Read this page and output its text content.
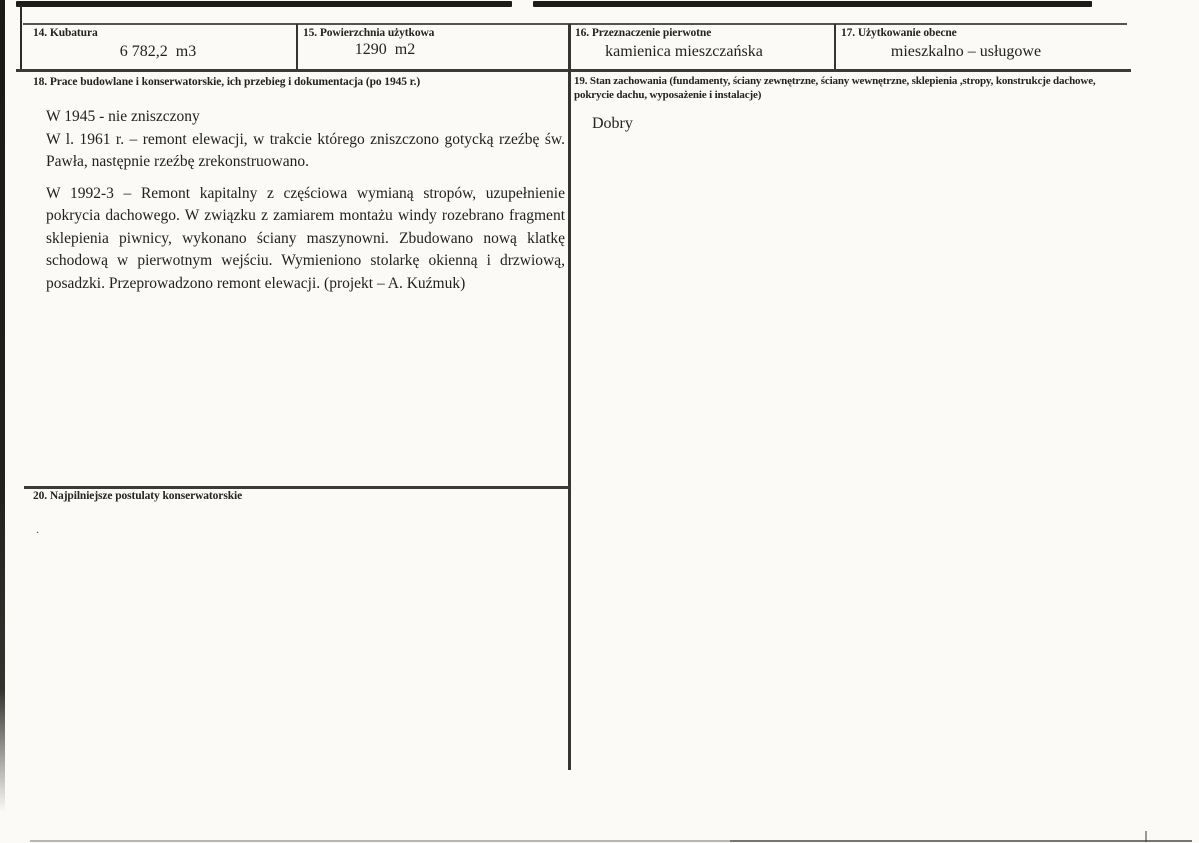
14. Kubatura
6 782,2  m3
15. Powierzchnia użytkowa
1290  m2
16. Przeznaczenie pierwotne
kamienica mieszczańska
17. Użytkowanie obecne
mieszkalno – usługowe
18. Prace budowlane i konserwatorskie, ich przebieg i dokumentacja (po 1945 r.)
W 1945 - nie zniszczony
W l. 1961 r. – remont elewacji, w trakcie którego zniszczono gotycką rzeźbę św. Pawła, następnie rzeźbę zrekonstruowano.
W 1992-3 – Remont kapitalny z częściowa wymianą stropów, uzupełnienie pokrycia dachowego. W związku z zamiarem montażu windy rozebrano fragment sklepienia piwnicy, wykonano ściany maszynowni. Zbudowano nową klatkę schodową w pierwotnym wejściu. Wymieniono stolarkę okienną i drzwiową, posadzki. Przeprowadzono remont elewacji. (projekt – A. Kuźmuk)
19. Stan zachowania (fundamenty, ściany zewnętrzne, ściany wewnętrzne, sklepienia ,stropy, konstrukcje dachowe, pokrycie dachu, wyposażenie i instalacje)
Dobry
20. Najpilniejsze postulaty konserwatorskie
.
